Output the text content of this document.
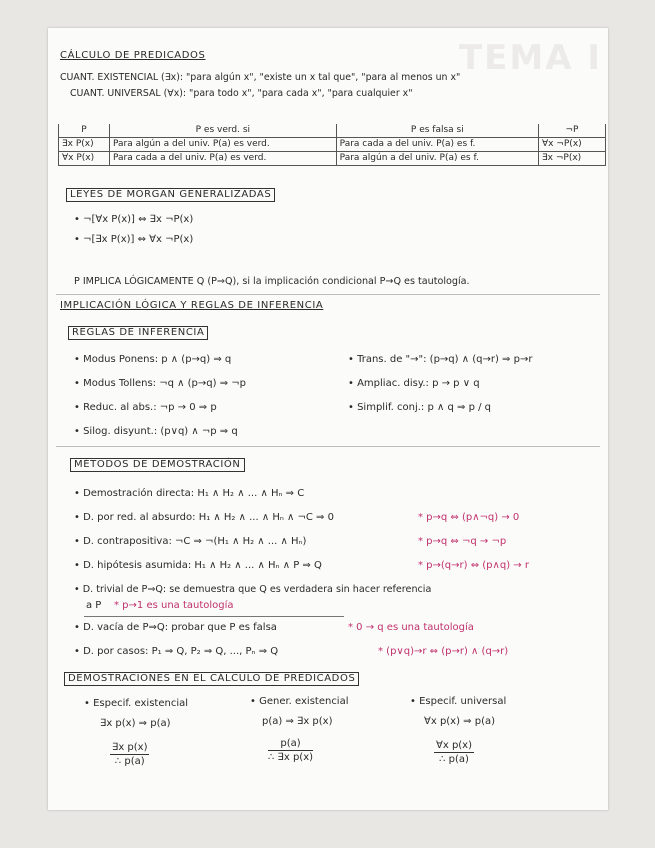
TEMA I
CÁLCULO DE PREDICADOS
CUANT. EXISTENCIAL (∃x): "para algún x", "existe un x tal que", "para al menos un x"
CUANT. UNIVERSAL (∀x): "para todo x", "para cada x", "para cualquier x"
P	P es verd. si	P es falsa si	¬P
∃x P(x)	Para algún a del univ. P(a) es verd.	Para cada a del univ. P(a) es f.	∀x ¬P(x)
∀x P(x)	Para cada a del univ. P(a) es verd.	Para algún a del univ. P(a) es f.	∃x ¬P(x)
LEYES DE MORGAN GENERALIZADAS
• ¬[∀x P(x)] ⇔ ∃x ¬P(x)
• ¬[∃x P(x)] ⇔ ∀x ¬P(x)
P IMPLICA LÓGICAMENTE Q (P⇒Q), si la implicación condicional P→Q es tautología.
IMPLICACIÓN LÓGICA Y REGLAS DE INFERENCIA
REGLAS DE INFERENCIA
• Modus Ponens: p ∧ (p→q) ⇒ q
• Modus Tollens: ¬q ∧ (p→q) ⇒ ¬p
• Reduc. al abs.: ¬p → 0 ⇒ p
• Silog. disyunt.: (p∨q) ∧ ¬p ⇒ q
• Trans. de "→": (p→q) ∧ (q→r) ⇒ p→r
• Ampliac. disy.: p → p ∨ q
• Simplif. conj.: p ∧ q ⇒ p / q
MÉTODOS DE DEMOSTRACIÓN
• Demostración directa: H₁ ∧ H₂ ∧ ... ∧ Hₙ ⇒ C
• D. por red. al absurdo: H₁ ∧ H₂ ∧ ... ∧ Hₙ ∧ ¬C ⇒ 0	* p→q ⇔ (p∧¬q) → 0
• D. contrapositiva: ¬C ⇒ ¬(H₁ ∧ H₂ ∧ ... ∧ Hₙ)	* p→q ⇔ ¬q → ¬p
• D. hipótesis asumida: H₁ ∧ H₂ ∧ ... ∧ Hₙ ∧ P ⇒ Q	* p→(q→r) ⇔ (p∧q) → r
• D. trivial de P⇒Q: se demuestra que Q es verdadera sin hacer referencia
a P * p→1 es una tautología
• D. vacía de P⇒Q: probar que P es falsa	* 0 → q es una tautología
• D. por casos: P₁ ⇒ Q, P₂ ⇒ Q, ..., Pₙ ⇒ Q	* (p∨q)→r ⇔ (p→r) ∧ (q→r)
DEMOSTRACIONES EN EL CÁLCULO DE PREDICADOS
• Especif. existencial
∃x p(x) ⇒ p(a)
$\frac{\text{∃x p(x)}}{\therefore p(a)}$
• Gener. existencial
p(a) ⇒ ∃x p(x)
$\frac{p(a)}{\text{∴ ∃x p(x)}}$
• Especif. universal
∀x p(x) ⇒ p(a)
$\frac{\text{∀x p(x)}}{\therefore p(a)}$
